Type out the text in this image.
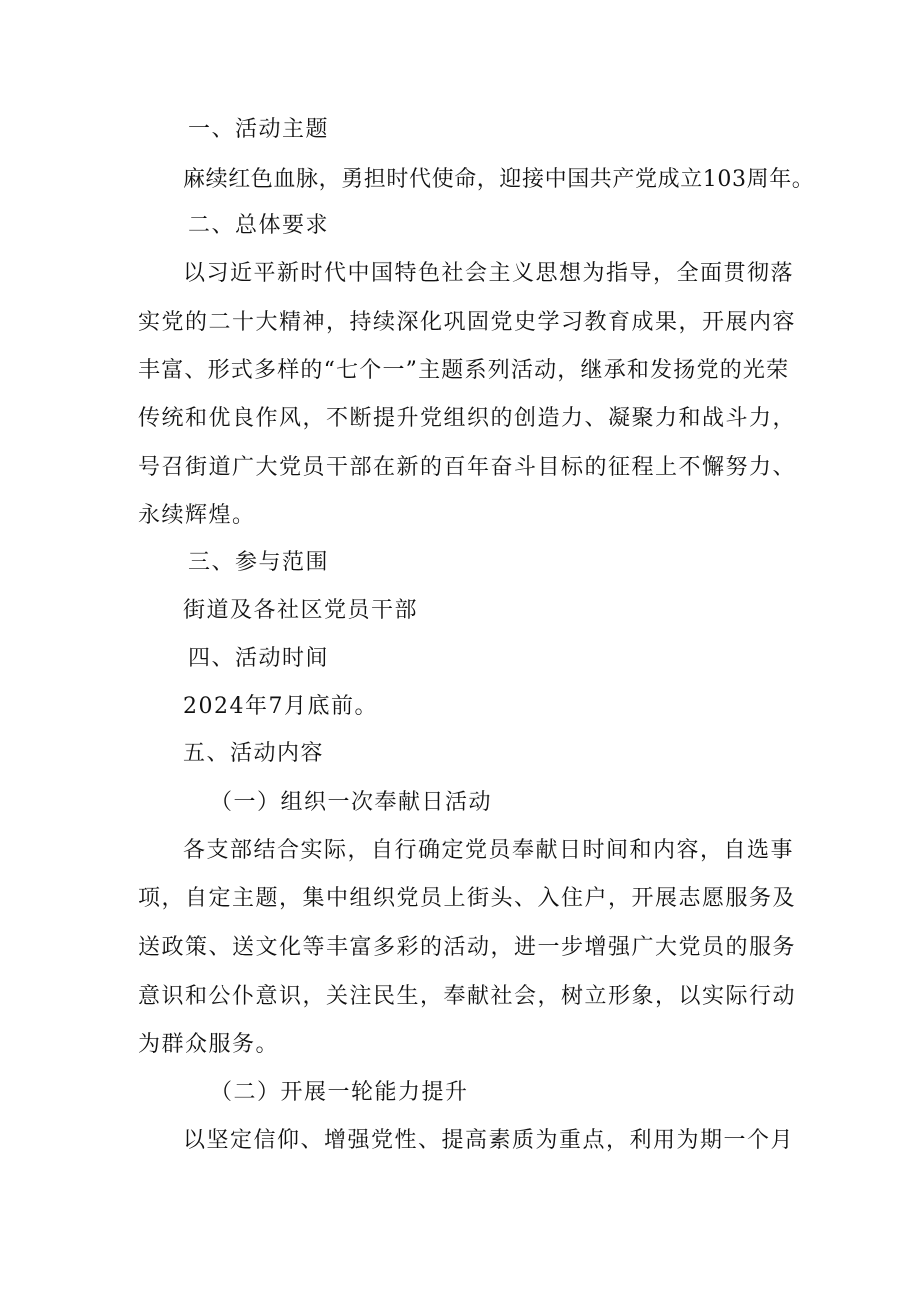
一、活动主题
麻续红色血脉，勇担时代使命，迎接中国共产党成立103周年。
二、总体要求
以习近平新时代中国特色社会主义思想为指导，全面贯彻落
实党的二十大精神，持续深化巩固党史学习教育成果，开展内容
丰富、形式多样的“七个一”主题系列活动，继承和发扬党的光荣
传统和优良作风，不断提升党组织的创造力、凝聚力和战斗力，
号召街道广大党员干部在新的百年奋斗目标的征程上不懈努力、
永续辉煌。
三、参与范围
街道及各社区党员干部
四、活动时间
2024年7月底前。
五、活动内容
（一）组织一次奉献日活动
各支部结合实际，自行确定党员奉献日时间和内容，自选事
项，自定主题，集中组织党员上街头、入住户，开展志愿服务及
送政策、送文化等丰富多彩的活动，进一步增强广大党员的服务
意识和公仆意识，关注民生，奉献社会，树立形象，以实际行动
为群众服务。
（二）开展一轮能力提升
以坚定信仰、增强党性、提高素质为重点，利用为期一个月
